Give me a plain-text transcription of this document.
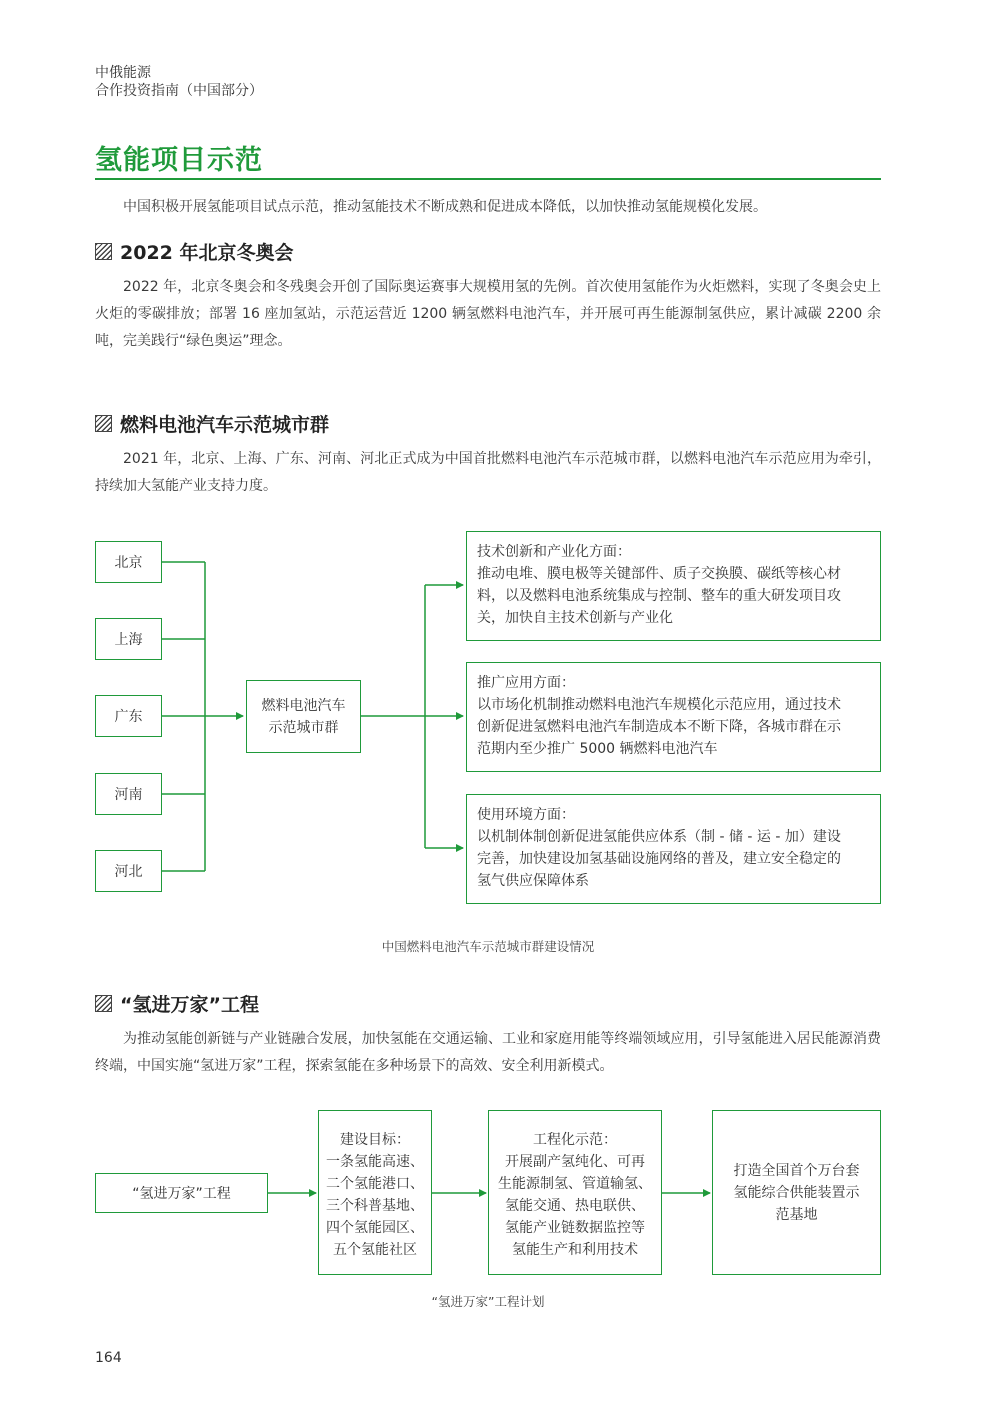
中俄能源
合作投资指南（中国部分）
氢能项目示范
中国积极开展氢能项目试点示范，推动氢能技术不断成熟和促进成本降低，以加快推动氢能规模化发展。
2022 年北京冬奥会
2022 年，北京冬奥会和冬残奥会开创了国际奥运赛事大规模用氢的先例。首次使用氢能作为火炬燃料，实现了冬奥会史上火炬的零碳排放；部署 16 座加氢站，示范运营近 1200 辆氢燃料电池汽车，并开展可再生能源制氢供应，累计减碳 2200 余吨，完美践行“绿色奥运”理念。
燃料电池汽车示范城市群
2021 年，北京、上海、广东、河南、河北正式成为中国首批燃料电池汽车示范城市群，以燃料电池汽车示范应用为牵引，持续加大氢能产业支持力度。
北京
上海
广东
河南
河北
燃料电池汽车
示范城市群
技术创新和产业化方面：
推动电堆、膜电极等关键部件、质子交换膜、碳纸等核心材
料，以及燃料电池系统集成与控制、整车的重大研发项目攻
关，加快自主技术创新与产业化
推广应用方面：
以市场化机制推动燃料电池汽车规模化示范应用，通过技术
创新促进氢燃料电池汽车制造成本不断下降，各城市群在示
范期内至少推广 5000 辆燃料电池汽车
使用环境方面：
以机制体制创新促进氢能供应体系（制 - 储 - 运 - 加）建设
完善，加快建设加氢基础设施网络的普及，建立安全稳定的
氢气供应保障体系
中国燃料电池汽车示范城市群建设情况
“氢进万家”工程
为推动氢能创新链与产业链融合发展，加快氢能在交通运输、工业和家庭用能等终端领域应用，引导氢能进入居民能源消费终端，中国实施“氢进万家”工程，探索氢能在多种场景下的高效、安全利用新模式。
“氢进万家”工程
建设目标：
一条氢能高速、
二个氢能港口、
三个科普基地、
四个氢能园区、
五个氢能社区
工程化示范：
开展副产氢纯化、可再
生能源制氢、管道输氢、
氢能交通、热电联供、
氢能产业链数据监控等
氢能生产和利用技术
打造全国首个万台套
氢能综合供能装置示
范基地
“氢进万家”工程计划
164
